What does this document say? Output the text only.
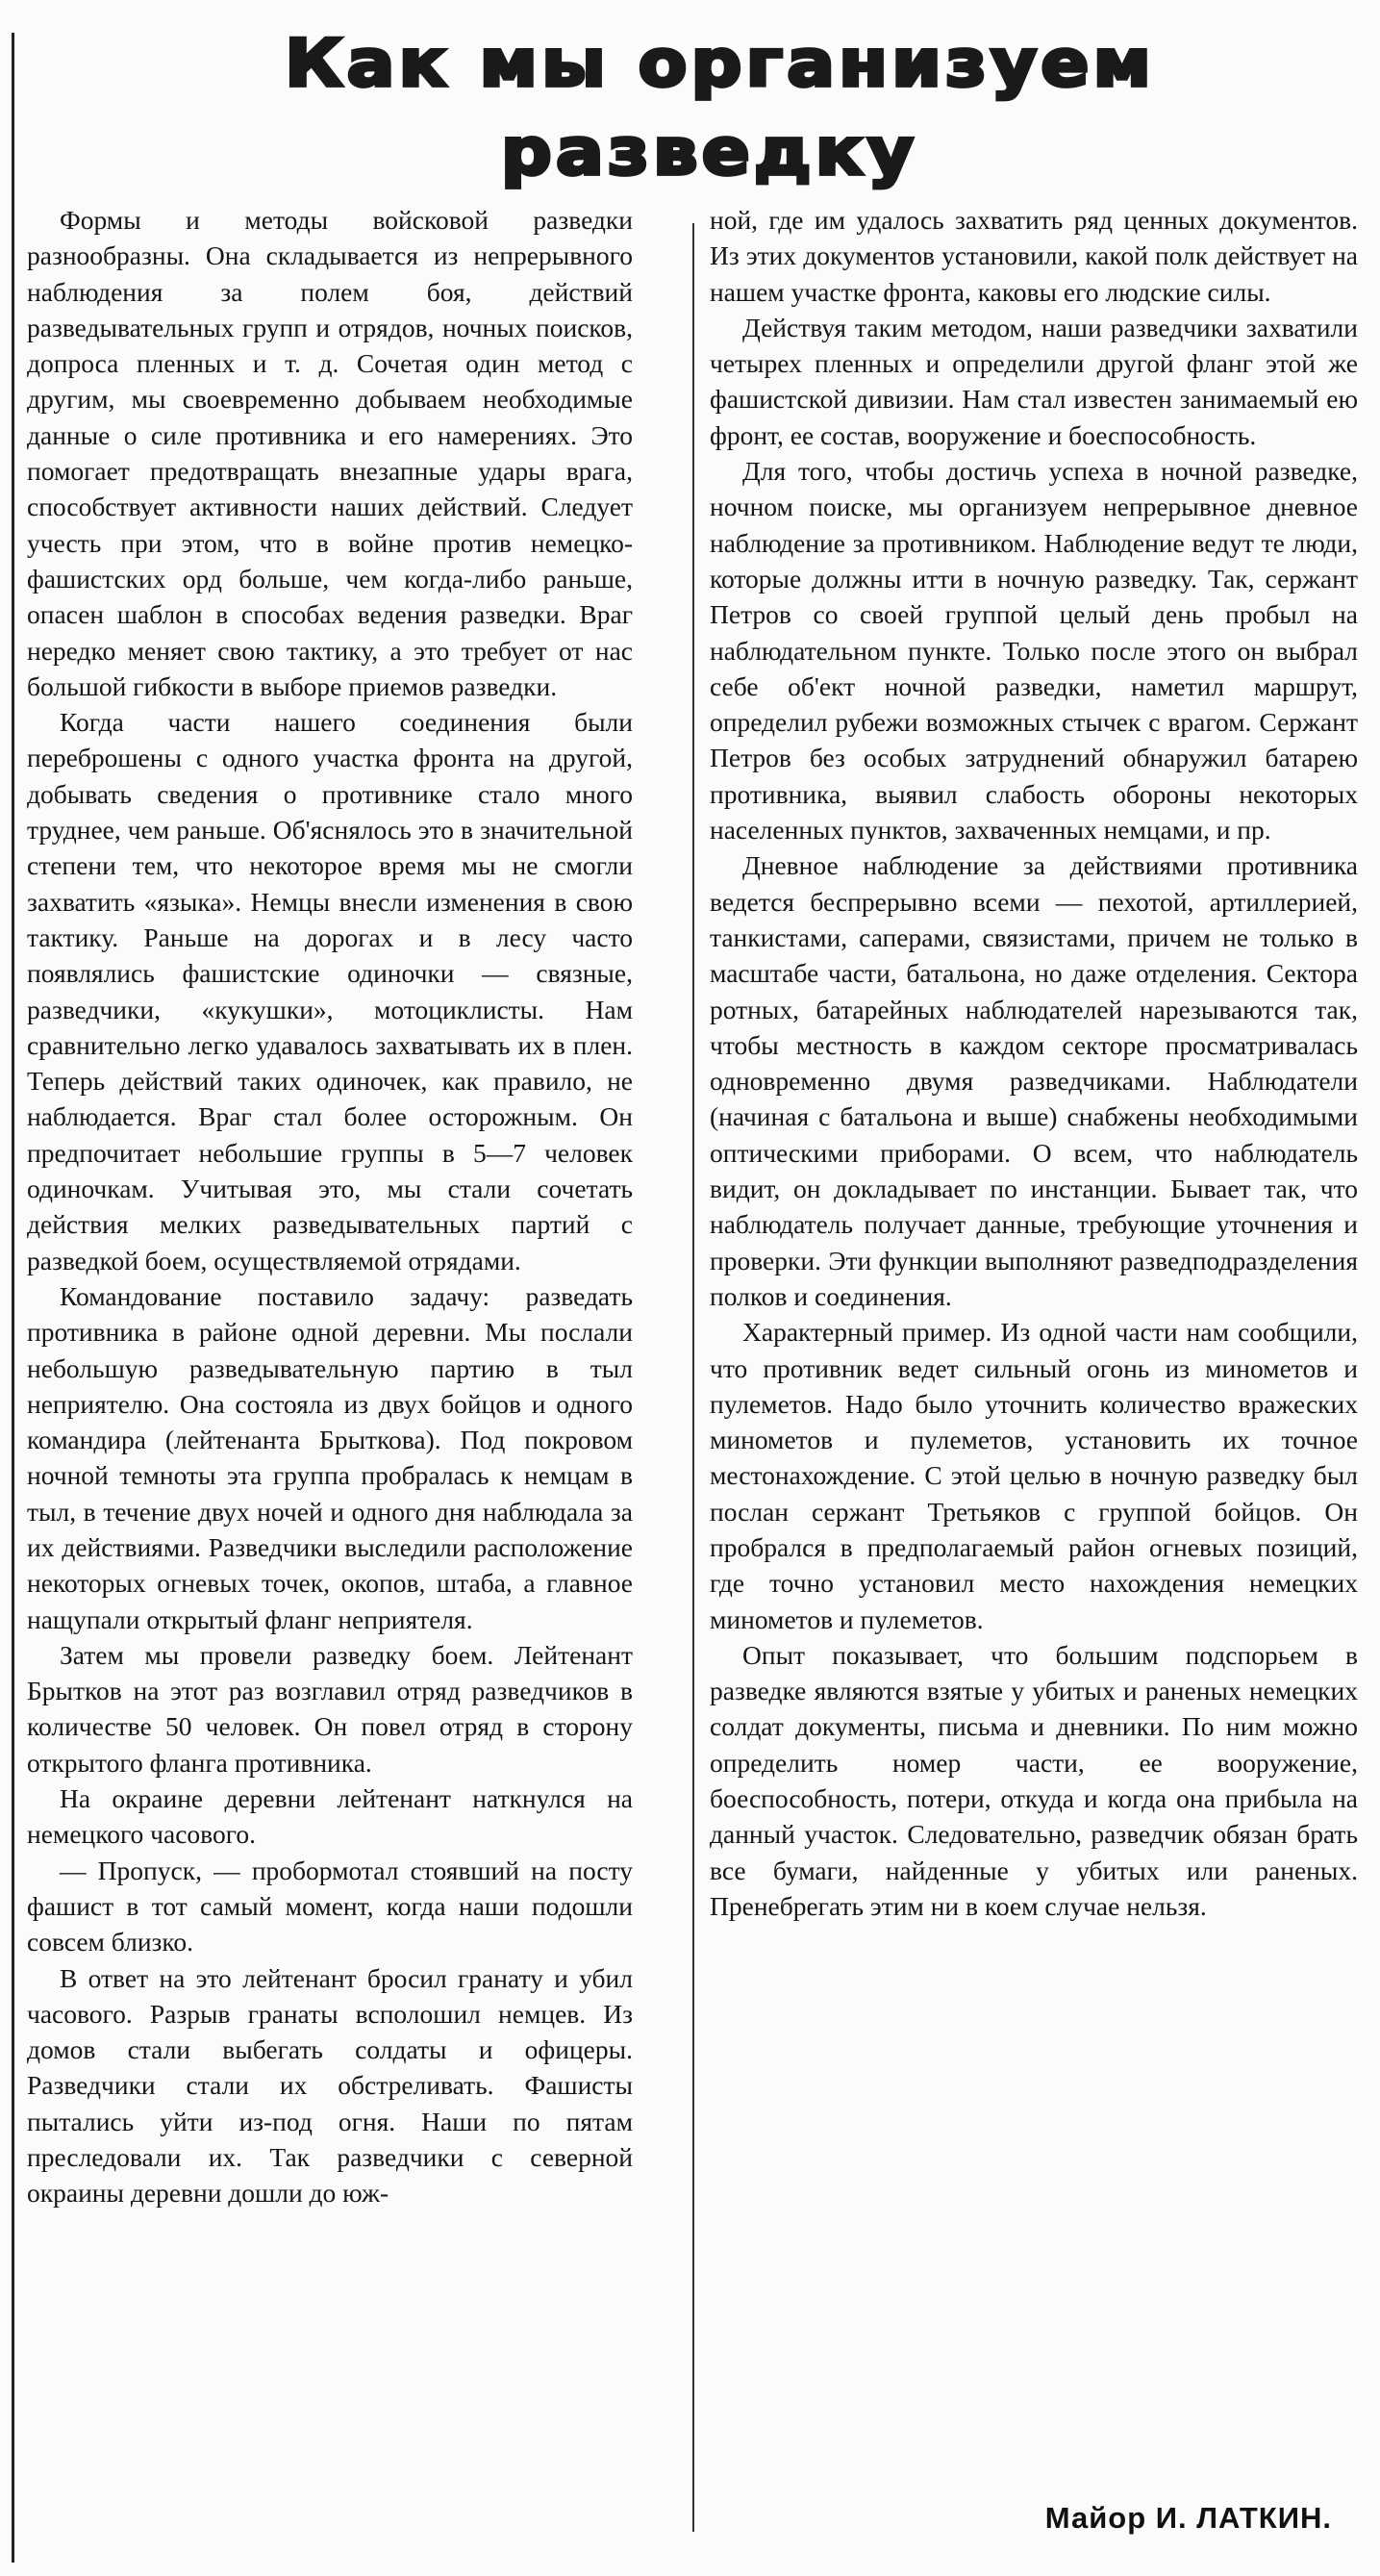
Как мы организуем
разведку

Формы и методы войсковой разведки разнообразны. Она складывается из непрерывного наблюдения за полем боя, действий разведывательных групп и отрядов, ночных поисков, допроса пленных и т. д. Сочетая один метод с другим, мы своевременно добываем необходимые данные о силе противника и его намерениях. Это помогает предотвращать внезапные удары врага, способствует активности наших действий. Следует учесть при этом, что в войне против немецко-фашистских орд больше, чем когда-либо раньше, опасен шаблон в способах ведения разведки. Враг нередко меняет свою тактику, а это требует от нас большой гибкости в выборе приемов разведки.

Когда части нашего соединения были переброшены с одного участка фронта на другой, добывать сведения о противнике стало много труднее, чем раньше. Об'яснялось это в значительной степени тем, что некоторое время мы не смогли захватить «языка». Немцы внесли изменения в свою тактику. Раньше на дорогах и в лесу часто появлялись фашистские одиночки — связные, разведчики, «кукушки», мотоциклисты. Нам сравнительно легко удавалось захватывать их в плен. Теперь действий таких одиночек, как правило, не наблюдается. Враг стал более осторожным. Он предпочитает небольшие группы в 5—7 человек одиночкам. Учитывая это, мы стали сочетать действия мелких разведывательных партий с разведкой боем, осуществляемой отрядами.

Командование поставило задачу: разведать противника в районе одной деревни. Мы послали небольшую разведывательную партию в тыл неприятелю. Она состояла из двух бойцов и одного командира (лейтенанта Брыткова). Под покровом ночной темноты эта группа пробралась к немцам в тыл, в течение двух ночей и одного дня наблюдала за их действиями. Разведчики выследили расположение некоторых огневых точек, окопов, штаба, а главное нащупали открытый фланг неприятеля.

Затем мы провели разведку боем. Лейтенант Брытков на этот раз возглавил отряд разведчиков в количестве 50 человек. Он повел отряд в сторону открытого фланга противника.

На окраине деревни лейтенант наткнулся на немецкого часового.

— Пропуск, — пробормотал стоявший на посту фашист в тот самый момент, когда наши подошли совсем близко.

В ответ на это лейтенант бросил гранату и убил часового. Разрыв гранаты всполошил немцев. Из домов стали выбегать солдаты и офицеры. Разведчики стали их обстреливать. Фашисты пытались уйти из-под огня. Наши по пятам преследовали их. Так разведчики с северной окраины деревни дошли до юж-

ной, где им удалось захватить ряд ценных документов. Из этих документов установили, какой полк действует на нашем участке фронта, каковы его людские силы.

Действуя таким методом, наши разведчики захватили четырех пленных и определили другой фланг этой же фашистской дивизии. Нам стал известен занимаемый ею фронт, ее состав, вооружение и боеспособность.

Для того, чтобы достичь успеха в ночной разведке, ночном поиске, мы организуем непрерывное дневное наблюдение за противником. Наблюдение ведут те люди, которые должны итти в ночную разведку. Так, сержант Петров со своей группой целый день пробыл на наблюдательном пункте. Только после этого он выбрал себе об'ект ночной разведки, наметил маршрут, определил рубежи возможных стычек с врагом. Сержант Петров без особых затруднений обнаружил батарею противника, выявил слабость обороны некоторых населенных пунктов, захваченных немцами, и пр.

Дневное наблюдение за действиями противника ведется беспрерывно всеми — пехотой, артиллерией, танкистами, саперами, связистами, причем не только в масштабе части, батальона, но даже отделения. Сектора ротных, батарейных наблюдателей нарезываются так, чтобы местность в каждом секторе просматривалась одновременно двумя разведчиками. Наблюдатели (начиная с батальона и выше) снабжены необходимыми оптическими приборами. О всем, что наблюдатель видит, он докладывает по инстанции. Бывает так, что наблюдатель получает данные, требующие уточнения и проверки. Эти функции выполняют разведподразделения полков и соединения.

Характерный пример. Из одной части нам сообщили, что противник ведет сильный огонь из минометов и пулеметов. Надо было уточнить количество вражеских минометов и пулеметов, установить их точное местонахождение. С этой целью в ночную разведку был послан сержант Третьяков с группой бойцов. Он пробрался в предполагаемый район огневых позиций, где точно установил место нахождения немецких минометов и пулеметов.

Опыт показывает, что большим подспорьем в разведке являются взятые у убитых и раненых немецких солдат документы, письма и дневники. По ним можно определить номер части, ее вооружение, боеспособность, потери, откуда и когда она прибыла на данный участок. Следовательно, разведчик обязан брать все бумаги, найденные у убитых или раненых. Пренебрегать этим ни в коем случае нельзя.

Майор И. ЛАТКИН.
